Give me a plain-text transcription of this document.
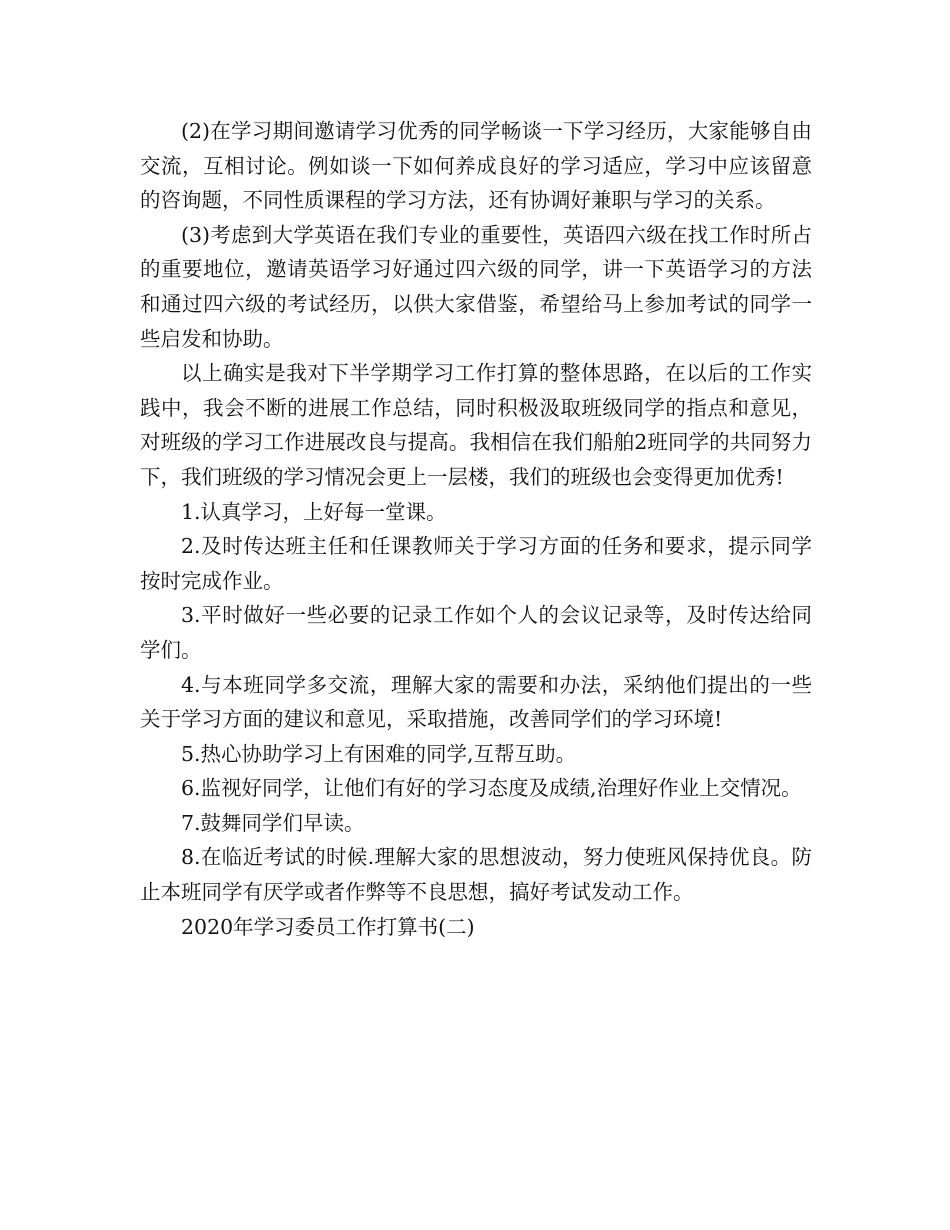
(2)在学习期间邀请学习优秀的同学畅谈一下学习经历，大家能够自由交流，互相讨论。例如谈一下如何养成良好的学习适应，学习中应该留意的咨询题，不同性质课程的学习方法，还有协调好兼职与学习的关系。

(3)考虑到大学英语在我们专业的重要性，英语四六级在找工作时所占的重要地位，邀请英语学习好通过四六级的同学，讲一下英语学习的方法和通过四六级的考试经历，以供大家借鉴，希望给马上参加考试的同学一些启发和协助。

以上确实是我对下半学期学习工作打算的整体思路，在以后的工作实践中，我会不断的进展工作总结，同时积极汲取班级同学的指点和意见，对班级的学习工作进展改良与提高。我相信在我们船舶2班同学的共同努力下，我们班级的学习情况会更上一层楼，我们的班级也会变得更加优秀!

1.认真学习，上好每一堂课。

2.及时传达班主任和任课教师关于学习方面的任务和要求，提示同学按时完成作业。

3.平时做好一些必要的记录工作如个人的会议记录等，及时传达给同学们。

4.与本班同学多交流，理解大家的需要和办法，采纳他们提出的一些关于学习方面的建议和意见，采取措施，改善同学们的学习环境!

5.热心协助学习上有困难的同学,互帮互助。

6.监视好同学，让他们有好的学习态度及成绩,治理好作业上交情况。

7.鼓舞同学们早读。

8.在临近考试的时候.理解大家的思想波动，努力使班风保持优良。防止本班同学有厌学或者作弊等不良思想，搞好考试发动工作。

2020年学习委员工作打算书(二)
